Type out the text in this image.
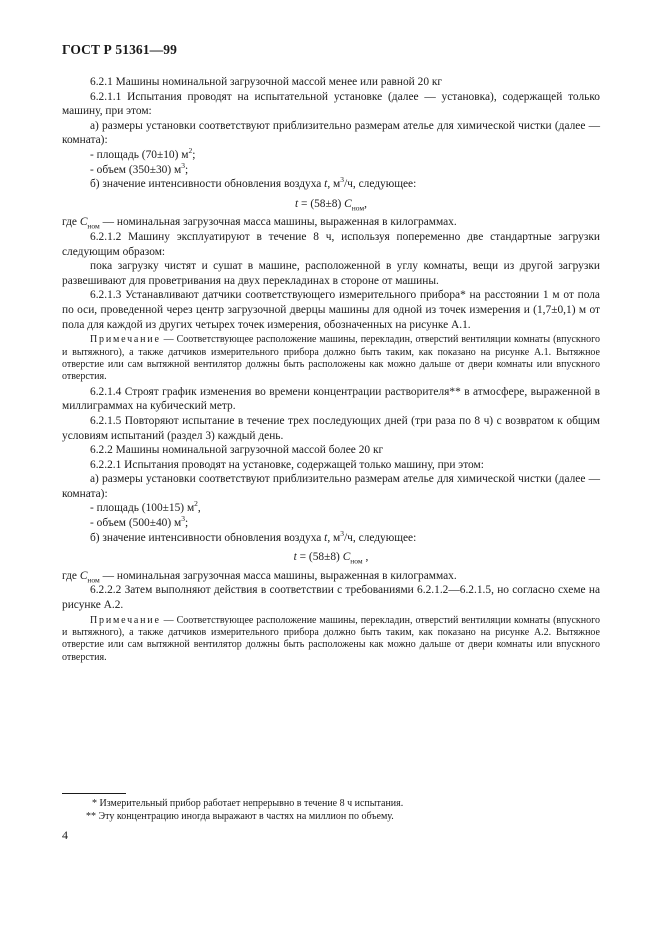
ГОСТ Р 51361—99

6.2.1 Машины номинальной загрузочной массой менее или равной 20 кг

6.2.1.1 Испытания проводят на испытательной установке (далее — установка), содержащей только машину, при этом:

а) размеры установки соответствуют приблизительно размерам ателье для химической чистки (далее — комната):

- площадь (70±10) $м^2$;

- объем (350±30) $м^3$;

б) значение интенсивности обновления воздуха t, $м^3/ч$, следующее:

t = (58±8) $C_{ном}$,

где $C_{ном}$ — номинальная загрузочная масса машины, выраженная в килограммах.

6.2.1.2 Машину эксплуатируют в течение 8 ч, используя попеременно две стандартные загрузки следующим образом:

пока загрузку чистят и сушат в машине, расположенной в углу комнаты, вещи из другой загрузки развешивают для проветривания на двух перекладинах в стороне от машины.

6.2.1.3 Устанавливают датчики соответствующего измерительного прибора* на расстоянии 1 м от пола по оси, проведенной через центр загрузочной дверцы машины для одной из точек измерения и (1,7±0,1) м от пола для каждой из других четырех точек измерения, обозначенных на рисунке А.1.

Примечание — Соответствующее расположение машины, перекладин, отверстий вентиляции комнаты (впускного и вытяжного), а также датчиков измерительного прибора должно быть таким, как показано на рисунке А.1. Вытяжное отверстие или сам вытяжной вентилятор должны быть расположены как можно дальше от двери комнаты или впускного отверстия.

6.2.1.4 Строят график изменения во времени концентрации растворителя** в атмосфере, выраженной в миллиграммах на кубический метр.

6.2.1.5 Повторяют испытание в течение трех последующих дней (три раза по 8 ч) с возвратом к общим условиям испытаний (раздел 3) каждый день.

6.2.2 Машины номинальной загрузочной массой более 20 кг

6.2.2.1 Испытания проводят на установке, содержащей только машину, при этом:

а) размеры установки соответствуют приблизительно размерам ателье для химической чистки (далее — комната):

- площадь (100±15) $м^2$,

- объем (500±40) $м^3$;

б) значение интенсивности обновления воздуха t, $м^3/ч$, следующее:

t = (58±8) $C_{ном}$ ,

где $C_{ном}$ — номинальная загрузочная масса машины, выраженная в килограммах.

6.2.2.2 Затем выполняют действия в соответствии с требованиями 6.2.1.2—6.2.1.5, но согласно схеме на рисунке А.2.

Примечание — Соответствующее расположение машины, перекладин, отверстий вентиляции комнаты (впускного и вытяжного), а также датчиков измерительного прибора должно быть таким, как показано на рисунке А.2. Вытяжное отверстие или сам вытяжной вентилятор должны быть расположены как можно дальше от двери комнаты или впускного отверстия.

* Измерительный прибор работает непрерывно в течение 8 ч испытания.
** Эту концентрацию иногда выражают в частях на миллион по объему.
4
